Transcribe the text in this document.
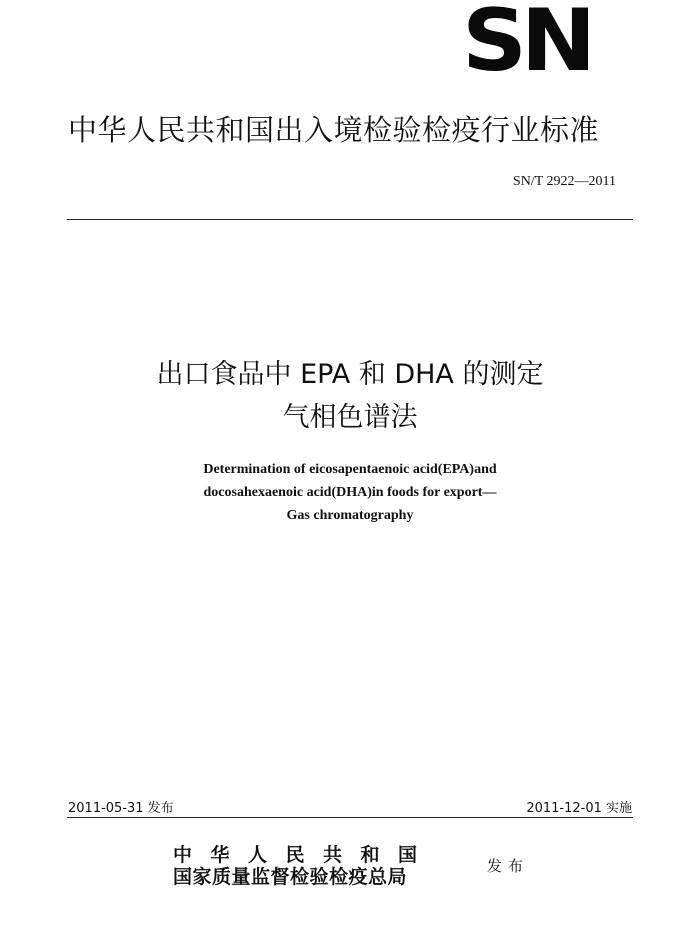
SN
中华人民共和国出入境检验检疫行业标准
SN/T 2922—2011
出口食品中 EPA 和 DHA 的测定
气相色谱法
Determination of eicosapentaenoic acid(EPA)and
docosahexaenoic acid(DHA)in foods for export—
Gas chromatography
2011-05-31 发布	2011-12-01 实施
中华人民共和国
国家质量监督检验检疫总局	发布
